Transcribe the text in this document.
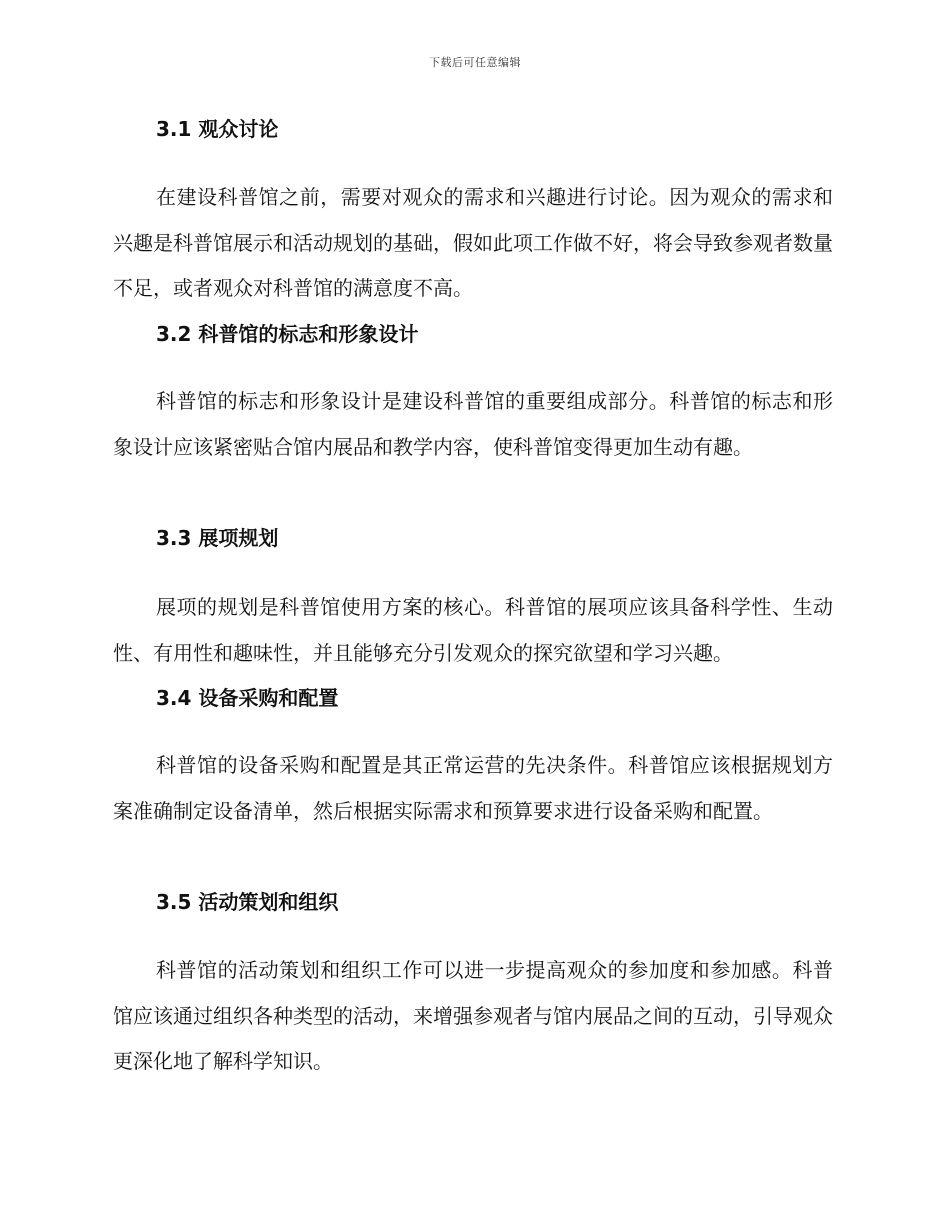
下载后可任意编辑
3.1 观众讨论

在建设科普馆之前，需要对观众的需求和兴趣进行讨论。因为观众的需求和兴趣是科普馆展示和活动规划的基础，假如此项工作做不好，将会导致参观者数量不足，或者观众对科普馆的满意度不高。

3.2 科普馆的标志和形象设计

科普馆的标志和形象设计是建设科普馆的重要组成部分。科普馆的标志和形象设计应该紧密贴合馆内展品和教学内容，使科普馆变得更加生动有趣。

3.3 展项规划

展项的规划是科普馆使用方案的核心。科普馆的展项应该具备科学性、生动性、有用性和趣味性，并且能够充分引发观众的探究欲望和学习兴趣。

3.4 设备采购和配置

科普馆的设备采购和配置是其正常运营的先决条件。科普馆应该根据规划方案准确制定设备清单，然后根据实际需求和预算要求进行设备采购和配置。

3.5 活动策划和组织

科普馆的活动策划和组织工作可以进一步提高观众的参加度和参加感。科普馆应该通过组织各种类型的活动，来增强参观者与馆内展品之间的互动，引导观众更深化地了解科学知识。
